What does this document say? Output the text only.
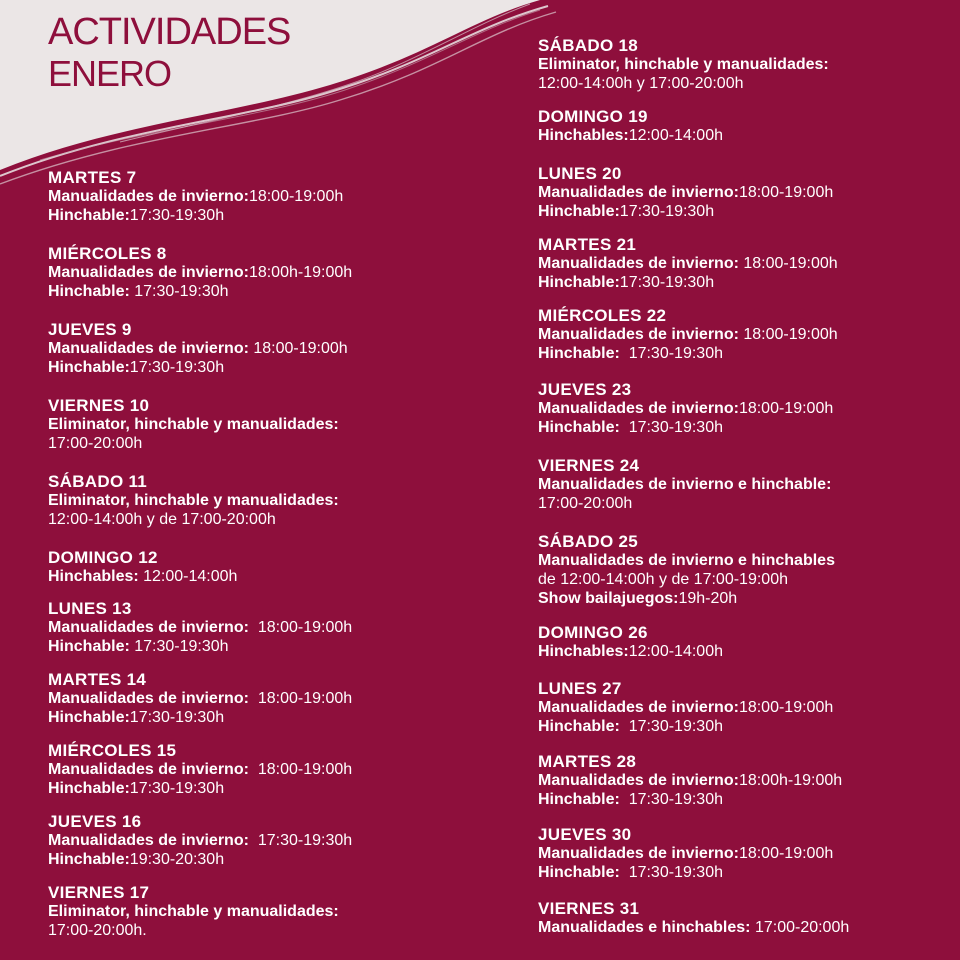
ACTIVIDADES
ENERO
MARTES 7
Manualidades de invierno:18:00-19:00h
Hinchable:17:30-19:30h
MIÉRCOLES 8
Manualidades de invierno:18:00h-19:00h
Hinchable: 17:30-19:30h
JUEVES 9
Manualidades de invierno: 18:00-19:00h
Hinchable:17:30-19:30h
VIERNES 10
Eliminator, hinchable y manualidades:
17:00-20:00h
SÁBADO 11
Eliminator, hinchable y manualidades:
12:00-14:00h y de 17:00-20:00h
DOMINGO 12
Hinchables: 12:00-14:00h
LUNES 13
Manualidades de invierno:  18:00-19:00h
Hinchable: 17:30-19:30h
MARTES 14
Manualidades de invierno:  18:00-19:00h
Hinchable:17:30-19:30h
MIÉRCOLES 15
Manualidades de invierno:  18:00-19:00h
Hinchable:17:30-19:30h
JUEVES 16
Manualidades de invierno:  17:30-19:30h
Hinchable:19:30-20:30h
VIERNES 17
Eliminator, hinchable y manualidades:
17:00-20:00h.
SÁBADO 18
Eliminator, hinchable y manualidades:
12:00-14:00h y 17:00-20:00h
DOMINGO 19
Hinchables:12:00-14:00h
LUNES 20
Manualidades de invierno:18:00-19:00h
Hinchable:17:30-19:30h
MARTES 21
Manualidades de invierno: 18:00-19:00h
Hinchable:17:30-19:30h
MIÉRCOLES 22
Manualidades de invierno: 18:00-19:00h
Hinchable:  17:30-19:30h
JUEVES 23
Manualidades de invierno:18:00-19:00h
Hinchable:  17:30-19:30h
VIERNES 24
Manualidades de invierno e hinchable:
17:00-20:00h
SÁBADO 25
Manualidades de invierno e hinchables
de 12:00-14:00h y de 17:00-19:00h
Show bailajuegos:19h-20h
DOMINGO 26
Hinchables:12:00-14:00h
LUNES 27
Manualidades de invierno:18:00-19:00h
Hinchable:  17:30-19:30h
MARTES 28
Manualidades de invierno:18:00h-19:00h
Hinchable:  17:30-19:30h
JUEVES 30
Manualidades de invierno:18:00-19:00h
Hinchable:  17:30-19:30h
VIERNES 31
Manualidades e hinchables: 17:00-20:00h
